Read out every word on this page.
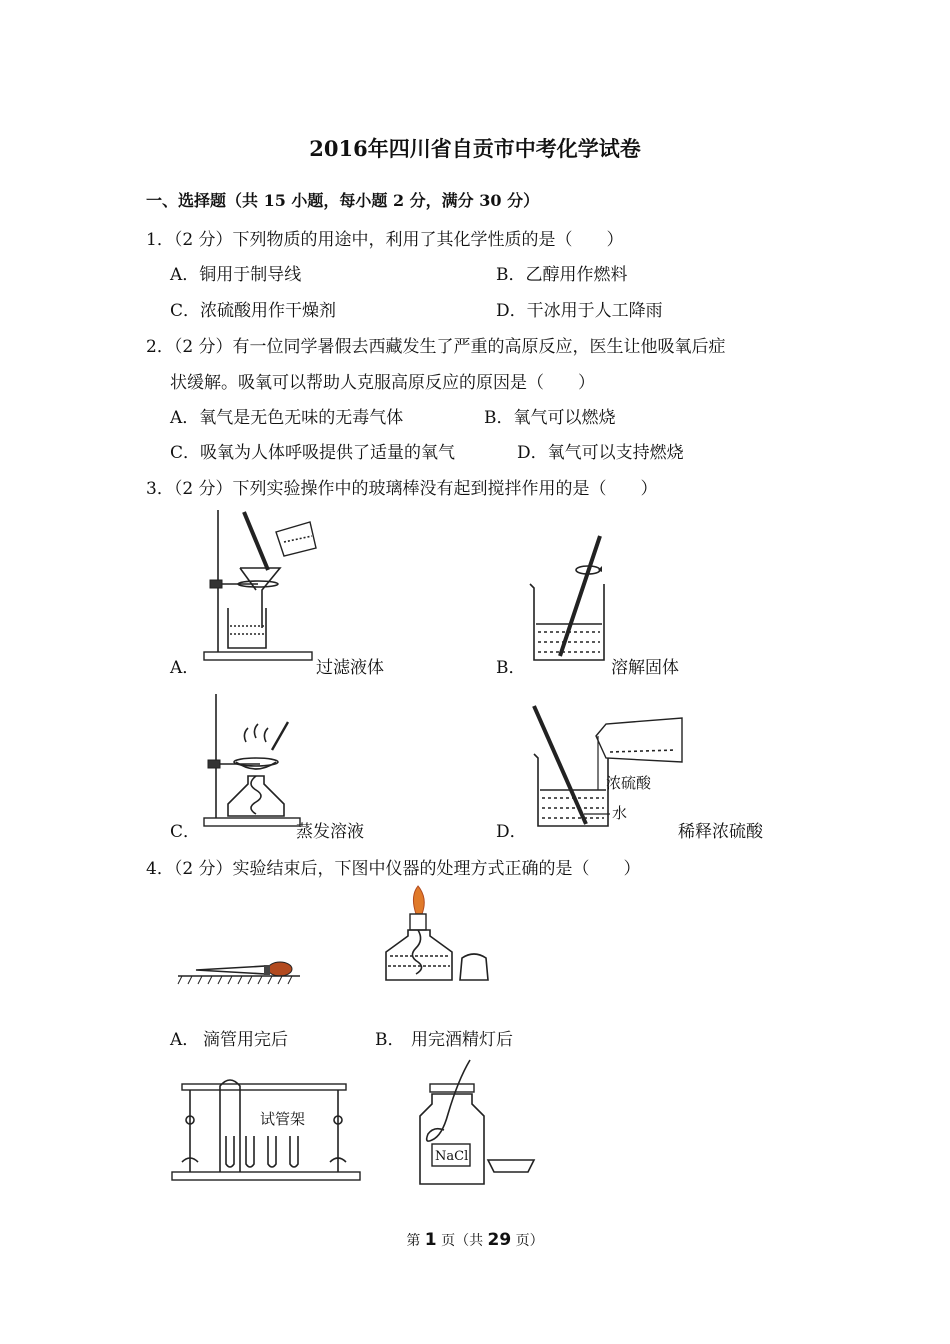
2016年四川省自贡市中考化学试卷
一、选择题（共 15 小题，每小题 2 分，满分 30 分）
1．（2 分）下列物质的用途中，利用了其化学性质的是（　　）
A．铜用于制导线	B．乙醇用作燃料
C．浓硫酸用作干燥剂	D．干冰用于人工降雨
2．（2 分）有一位同学暑假去西藏发生了严重的高原反应，医生让他吸氧后症
状缓解。吸氧可以帮助人克服高原反应的原因是（　　）
A．氧气是无色无味的无毒气体	B．氧气可以燃烧
C．吸氧为人体呼吸提供了适量的氧气	D．氧气可以支持燃烧
3．（2 分）下列实验操作中的玻璃棒没有起到搅拌作用的是（　　）
A．	过滤液体	B．	溶解固体
C．	蒸发溶液
浓硫酸
水
D．	稀释浓硫酸
4．（2 分）实验结束后，下图中仪器的处理方式正确的是（　　）
A． 滴管用完后	B． 用完酒精灯后
试管架
NaCl
第 1 页（共 29 页）
